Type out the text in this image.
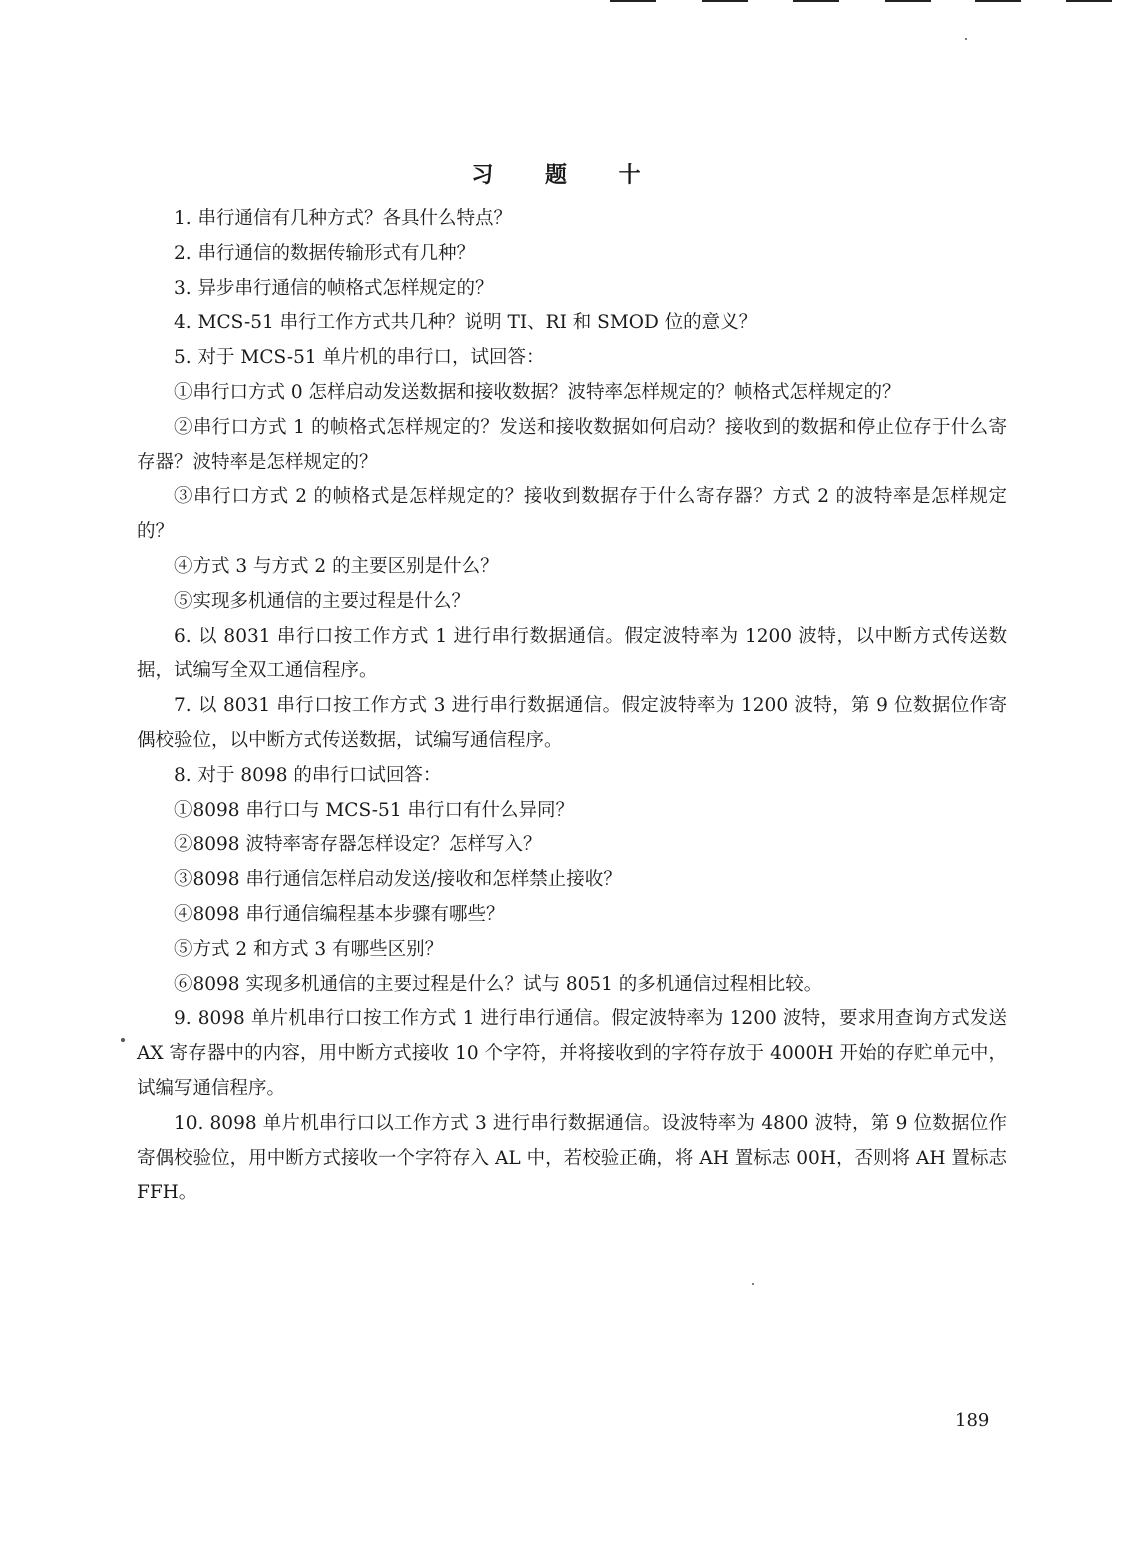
习 题 十

1. 串行通信有几种方式？各具什么特点？

2. 串行通信的数据传输形式有几种？

3. 异步串行通信的帧格式怎样规定的？

4. MCS-51 串行工作方式共几种？说明 TI、RI 和 SMOD 位的意义？

5. 对于 MCS-51 单片机的串行口，试回答：

①串行口方式 0 怎样启动发送数据和接收数据？波特率怎样规定的？帧格式怎样规定的？

②串行口方式 1 的帧格式怎样规定的？发送和接收数据如何启动？接收到的数据和停止位存于什么寄存器？波特率是怎样规定的？

③串行口方式 2 的帧格式是怎样规定的？接收到数据存于什么寄存器？方式 2 的波特率是怎样规定的？

④方式 3 与方式 2 的主要区别是什么？

⑤实现多机通信的主要过程是什么？

6. 以 8031 串行口按工作方式 1 进行串行数据通信。假定波特率为 1200 波特，以中断方式传送数据，试编写全双工通信程序。

7. 以 8031 串行口按工作方式 3 进行串行数据通信。假定波特率为 1200 波特，第 9 位数据位作寄偶校验位，以中断方式传送数据，试编写通信程序。

8. 对于 8098 的串行口试回答：

①8098 串行口与 MCS-51 串行口有什么异同？

②8098 波特率寄存器怎样设定？怎样写入？

③8098 串行通信怎样启动发送/接收和怎样禁止接收？

④8098 串行通信编程基本步骤有哪些？

⑤方式 2 和方式 3 有哪些区别？

⑥8098 实现多机通信的主要过程是什么？试与 8051 的多机通信过程相比较。

9. 8098 单片机串行口按工作方式 1 进行串行通信。假定波特率为 1200 波特，要求用查询方式发送 AX 寄存器中的内容，用中断方式接收 10 个字符，并将接收到的字符存放于 4000H 开始的存贮单元中，试编写通信程序。

10. 8098 单片机串行口以工作方式 3 进行串行数据通信。设波特率为 4800 波特，第 9 位数据位作寄偶校验位，用中断方式接收一个字符存入 AL 中，若校验正确，将 AH 置标志 00H，否则将 AH 置标志 FFH。

189
